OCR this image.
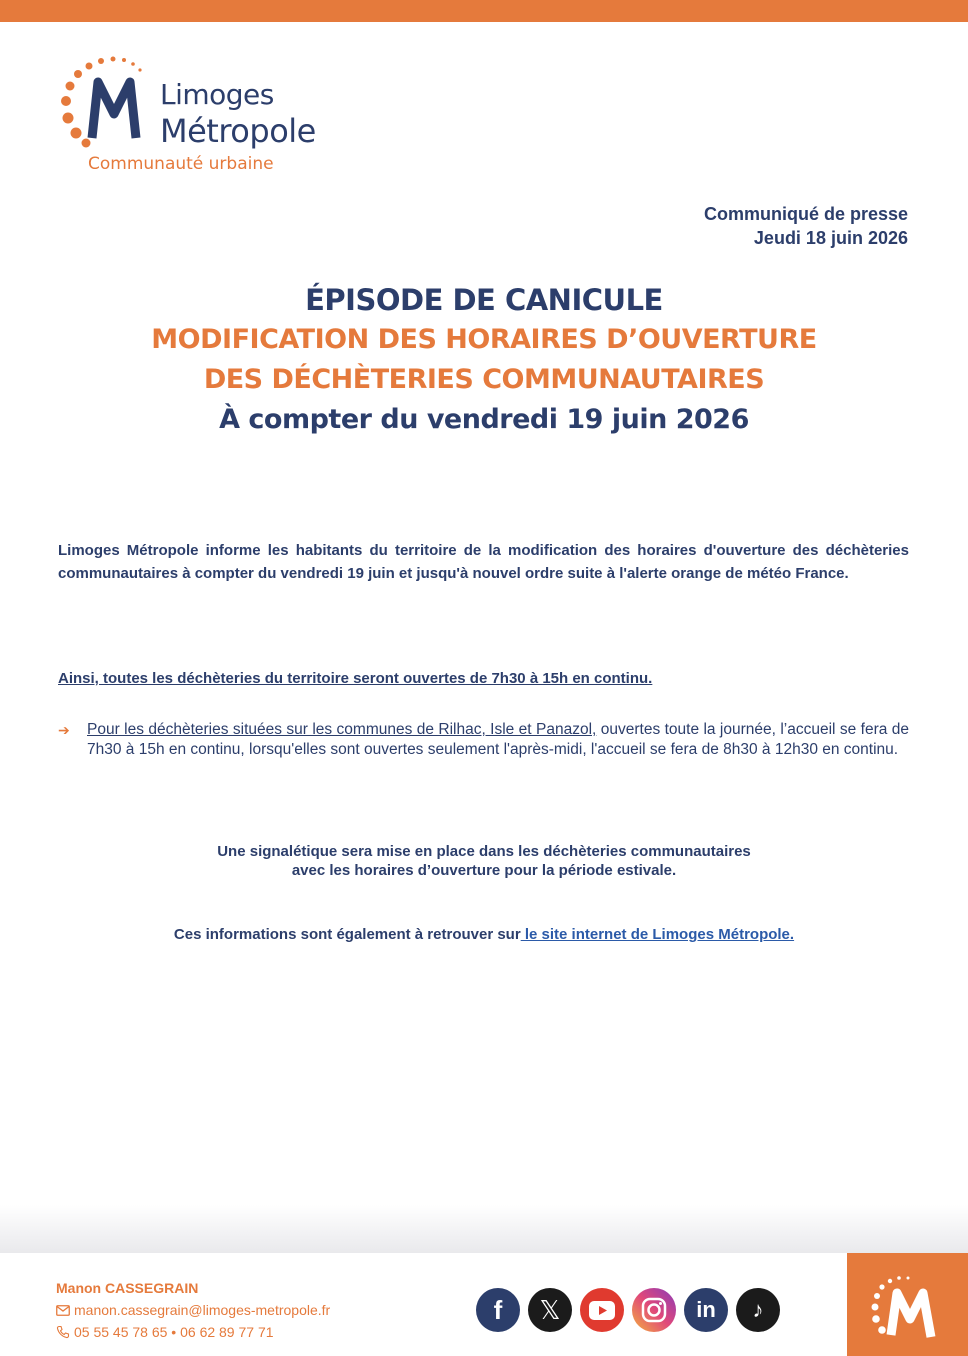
Limoges
Métropole
Communauté urbaine
Communiqué de presse
Jeudi 18 juin 2026
ÉPISODE DE CANICULE
MODIFICATION DES HORAIRES D’OUVERTURE
DES DÉCHÈTERIES COMMUNAUTAIRES
À compter du vendredi 19 juin 2026

Limoges Métropole informe les habitants du territoire de la modification des horaires d'ouverture des déchèteries communautaires à compter du vendredi 19 juin et jusqu'à nouvel ordre suite à l'alerte orange de météo France.

Ainsi, toutes les déchèteries du territoire seront ouvertes de 7h30 à 15h en continu.

➔ Pour les déchèteries situées sur les communes de Rilhac, Isle et Panazol, ouvertes toute la journée, l’accueil se fera de 7h30 à 15h en continu, lorsqu'elles sont ouvertes seulement l'après-midi, l'accueil se fera de 8h30 à 12h30 en continu.

Une signalétique sera mise en place dans les déchèteries communautaires
avec les horaires d’ouverture pour la période estivale.
Ces informations sont également à retrouver sur le site internet de Limoges Métropole.
Manon CASSEGRAIN
manon.cassegrain@limoges-metropole.fr
05 55 45 78 65 • 06 62 89 77 71
f	𝕏	in	♪
